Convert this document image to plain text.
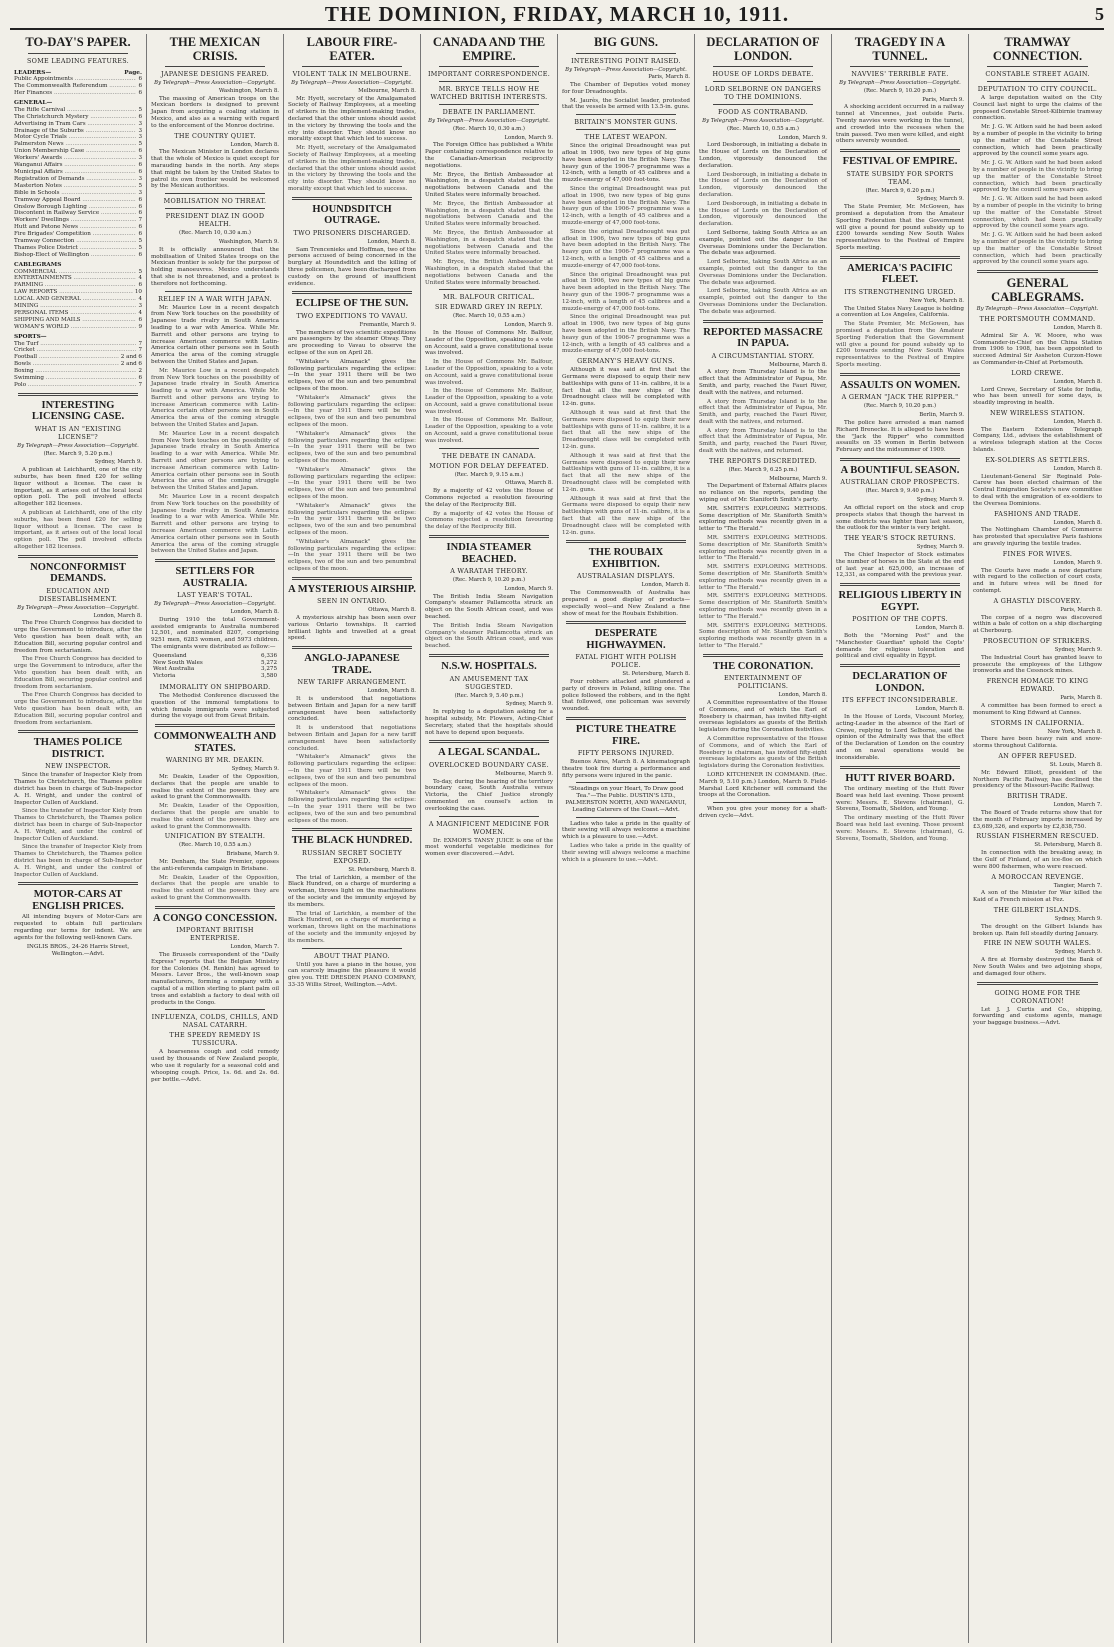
THE DOMINION, FRIDAY, MARCH 10, 1911.	5
TO-DAY'S PAPER.
SOME LEADING FEATURES.
LEADERS—	Page.
Public Appointments .....	6
The Commonwealth Referendum .....	6
Her Finances .....	6
GENERAL—
The Rifle Carnival .....	5
The Christchurch Mystery .....	6
Advertising in Tram Cars .....	3
Drainage of the Suburbs .....	3
Motor Cycle Trials .....	3
Palmerston News .....	5
Union Membership Case .....	6
Workers' Awards .....	3
Wanganui Affairs .....	6
Municipal Affairs .....	6
Registration of Demands .....	3
Masterton Notes .....	5
Bible in Schools .....	3
Tramway Appeal Board .....	6
Onslow Borough Lighting .....	6
Discontent in Railway Service .....	6
Workers' Dwellings .....	7
Hutt and Petone News .....	6
Fire Brigades' Competition .....	6
Tramway Connection .....	5
Thames Police District .....	5
Bishop-Elect of Wellington .....	6
CABLEGRAMS
COMMERCIAL .....	5
ENTERTAINMENTS .....	4
FARMING .....	6
LAW REPORTS .....	10
LOCAL AND GENERAL .....	4
MINING .....	3
PERSONAL ITEMS .....	4
SHIPPING AND MAILS .....	6
WOMAN'S WORLD .....	9
SPORTS—
The Turf .....	7
Cricket .....	7
Football .....	2 and 6
Bowls .....	2 and 6
Boxing .....	2
Swimming .....	6
Polo .....	7
INTERESTING LICENSING CASE.
WHAT IS AN "EXISTING LICENSE"?
By Telegraph—Press Association—Copyright.
(Rec. March 9, 5.20 p.m.)
Sydney, March 9.

A publican at Leichhardt, one of the city suburbs, has been fined £20 for selling liquor without a license. The case is important, as it arises out of the local local option poll. The poll involved effects altogether 182 licenses.

A publican at Leichhardt, one of the city suburbs, has been fined £20 for selling liquor without a license. The case is important, as it arises out of the local local option poll. The poll involved effects altogether 182 licenses.

NONCONFORMIST DEMANDS.
EDUCATION AND DISESTABLISHMENT.
By Telegraph—Press Association—Copyright.
London, March 8.

The Free Church Congress has decided to urge the Government to introduce, after the Veto question has been dealt with, an Education Bill, securing popular control and freedom from sectarianism.

The Free Church Congress has decided to urge the Government to introduce, after the Veto question has been dealt with, an Education Bill, securing popular control and freedom from sectarianism.

The Free Church Congress has decided to urge the Government to introduce, after the Veto question has been dealt with, an Education Bill, securing popular control and freedom from sectarianism.

THAMES POLICE DISTRICT.
NEW INSPECTOR.

Since the transfer of Inspector Kiely from Thames to Christchurch, the Thames police district has been in charge of Sub-Inspector A. H. Wright, and under the control of Inspector Cullen of Auckland.

Since the transfer of Inspector Kiely from Thames to Christchurch, the Thames police district has been in charge of Sub-Inspector A. H. Wright, and under the control of Inspector Cullen of Auckland.

Since the transfer of Inspector Kiely from Thames to Christchurch, the Thames police district has been in charge of Sub-Inspector A. H. Wright, and under the control of Inspector Cullen of Auckland.

MOTOR-CARS AT ENGLISH PRICES.

All intending buyers of Motor-Cars are requested to obtain full particulars regarding our terms for indent. We are agents for the following well-known Cars.

INGLIS BROS., 24-26 Harris Street, Wellington.—Advt.
THE MEXICAN CRISIS.
JAPANESE DESIGNS FEARED.
By Telegraph—Press Association—Copyright.
Washington, March 8.

The massing of American troops on the Mexican borders is designed to prevent Japan from acquiring a coaling station in Mexico, and also as a warning with regard to the enforcement of the Monroe doctrine.

THE COUNTRY QUIET.
London, March 8.

The Mexican Minister in London declares that the whole of Mexico is quiet except for marauding bands in the north. Any steps that might be taken by the United States to patrol its own frontier would be welcomed by the Mexican authorities.

MOBILISATION NO THREAT.
PRESIDENT DIAZ IN GOOD HEALTH.
(Rec. March 10, 0.30 a.m.)
Washington, March 9.

It is officially announced that the mobilisation of United States troops on the Mexican frontier is solely for the purpose of holding manoeuvres. Mexico understands that she is not threatened, and a protest is therefore not forthcoming.

RELIEF IN A WAR WITH JAPAN.

Mr. Maurice Low in a recent despatch from New York touches on the possibility of Japanese trade rivalry in South America leading to a war with America. While Mr. Barrett and other persons are trying to increase American commerce with Latin-America certain other persons see in South America the area of the coming struggle between the United States and Japan.

Mr. Maurice Low in a recent despatch from New York touches on the possibility of Japanese trade rivalry in South America leading to a war with America. While Mr. Barrett and other persons are trying to increase American commerce with Latin-America certain other persons see in South America the area of the coming struggle between the United States and Japan.

Mr. Maurice Low in a recent despatch from New York touches on the possibility of Japanese trade rivalry in South America leading to a war with America. While Mr. Barrett and other persons are trying to increase American commerce with Latin-America certain other persons see in South America the area of the coming struggle between the United States and Japan.

Mr. Maurice Low in a recent despatch from New York touches on the possibility of Japanese trade rivalry in South America leading to a war with America. While Mr. Barrett and other persons are trying to increase American commerce with Latin-America certain other persons see in South America the area of the coming struggle between the United States and Japan.

SETTLERS FOR AUSTRALIA.
LAST YEAR'S TOTAL.
By Telegraph—Press Association—Copyright.
London, March 8.

During 1910 the total Government-assisted emigrants to Australia numbered 12,501, and nominated 8207, comprising 9251 men, 6283 women, and 5973 children. The emigrants were distributed as follow:—

Queensland	6,336
New South Wales	5,272
West Australia	3,275
Victoria	3,580
IMMORALITY ON SHIPBOARD.

The Methodist Conference discussed the question of the immoral temptations to which female immigrants were subjected during the voyage out from Great Britain.

COMMONWEALTH AND STATES.
WARNING BY MR. DEAKIN.
Sydney, March 9.

Mr. Deakin, Leader of the Opposition, declares that the people are unable to realise the extent of the powers they are asked to grant the Commonwealth.

Mr. Deakin, Leader of the Opposition, declares that the people are unable to realise the extent of the powers they are asked to grant the Commonwealth.

UNIFICATION BY STEALTH.
(Rec. March 10, 0.55 a.m.)
Brisbane, March 9.

Mr. Denham, the State Premier, opposes the anti-referenda campaign in Brisbane.

Mr. Deakin, Leader of the Opposition, declares that the people are unable to realise the extent of the powers they are asked to grant the Commonwealth.

A CONGO CONCESSION.
IMPORTANT BRITISH ENTERPRISE.
London, March 7.

The Brussels correspondent of the "Daily Express" reports that the Belgian Ministry for the Colonies (M. Renkin) has agreed to Messrs. Lever Bros., the well-known soap manufacturers, forming a company with a capital of a million sterling to plant palm oil trees and establish a factory to deal with oil products in the Congo.

INFLUENZA, COLDS, CHILLS, AND NASAL CATARRH.
THE SPEEDY REMEDY IS TUSSICURA.

A hoarseness cough and cold remedy used by thousands of New Zealand people, who use it regularly for a seasonal cold and whooping cough. Price, 1s. 6d. and 2s. 6d. per bottle.—Advt.

LABOUR FIRE-EATER.
VIOLENT TALK IN MELBOURNE.
By Telegraph—Press Association—Copyright.
Melbourne, March 8.

Mr. Hyett, secretary of the Amalgamated Society of Railway Employees, at a meeting of strikers in the implement-making trades, declared that the other unions should assist in the victory by throwing the tools and the city into disorder. They should know no morality except that which led to success.

Mr. Hyett, secretary of the Amalgamated Society of Railway Employees, at a meeting of strikers in the implement-making trades, declared that the other unions should assist in the victory by throwing the tools and the city into disorder. They should know no morality except that which led to success.

HOUNDSDITCH OUTRAGE.
TWO PRISONERS DISCHARGED.
London, March 8.

Sam Trencenieks and Hoffman, two of the persons accused of being concerned in the burglary at Houndsditch and the killing of three policemen, have been discharged from custody on the ground of insufficient evidence.

ECLIPSE OF THE SUN.
TWO EXPEDITIONS TO VAVAU.
Fremantle, March 9.

The members of two scientific expeditions are passengers by the steamer Otway. They are proceeding to Vavau to observe the eclipse of the sun on April 28.

"Whitaker's Almanack" gives the following particulars regarding the eclipse:—In the year 1911 there will be two eclipses, two of the sun and two penumbral eclipses of the moon.

"Whitaker's Almanack" gives the following particulars regarding the eclipse:—In the year 1911 there will be two eclipses, two of the sun and two penumbral eclipses of the moon.

"Whitaker's Almanack" gives the following particulars regarding the eclipse:—In the year 1911 there will be two eclipses, two of the sun and two penumbral eclipses of the moon.

"Whitaker's Almanack" gives the following particulars regarding the eclipse:—In the year 1911 there will be two eclipses, two of the sun and two penumbral eclipses of the moon.

"Whitaker's Almanack" gives the following particulars regarding the eclipse:—In the year 1911 there will be two eclipses, two of the sun and two penumbral eclipses of the moon.

"Whitaker's Almanack" gives the following particulars regarding the eclipse:—In the year 1911 there will be two eclipses, two of the sun and two penumbral eclipses of the moon.

A MYSTERIOUS AIRSHIP.
SEEN IN ONTARIO.
Ottawa, March 8.

A mysterious airship has been seen over various Ontario townships. It carried brilliant lights and travelled at a great speed.

ANGLO-JAPANESE TRADE.
NEW TARIFF ARRANGEMENT.
London, March 8.

It is understood that negotiations between Britain and Japan for a new tariff arrangement have been satisfactorily concluded.

It is understood that negotiations between Britain and Japan for a new tariff arrangement have been satisfactorily concluded.

"Whitaker's Almanack" gives the following particulars regarding the eclipse:—In the year 1911 there will be two eclipses, two of the sun and two penumbral eclipses of the moon.

"Whitaker's Almanack" gives the following particulars regarding the eclipse:—In the year 1911 there will be two eclipses, two of the sun and two penumbral eclipses of the moon.

THE BLACK HUNDRED.
RUSSIAN SECRET SOCIETY EXPOSED.
St. Petersburg, March 8.

The trial of Larichkin, a member of the Black Hundred, on a charge of murdering a workman, throws light on the machinations of the society and the immunity enjoyed by its members.

The trial of Larichkin, a member of the Black Hundred, on a charge of murdering a workman, throws light on the machinations of the society and the immunity enjoyed by its members.

ABOUT THAT PIANO.

Until you have a piano in the house, you can scarcely imagine the pleasure it would give you. THE DRESDEN PIANO COMPANY, 33-35 Willis Street, Wellington.—Advt.

CANADA AND THE EMPIRE.
IMPORTANT CORRESPONDENCE.
MR. BRYCE TELLS HOW HE WATCHED BRITISH INTERESTS.
DEBATE IN PARLIAMENT.
By Telegraph—Press Association—Copyright.
(Rec. March 10, 0.30 a.m.)
London, March 9.

The Foreign Office has published a White Paper containing correspondence relative to the Canadian-American reciprocity negotiations.

Mr. Bryce, the British Ambassador at Washington, in a despatch stated that the negotiations between Canada and the United States were informally broached.

Mr. Bryce, the British Ambassador at Washington, in a despatch stated that the negotiations between Canada and the United States were informally broached.

Mr. Bryce, the British Ambassador at Washington, in a despatch stated that the negotiations between Canada and the United States were informally broached.

Mr. Bryce, the British Ambassador at Washington, in a despatch stated that the negotiations between Canada and the United States were informally broached.

MR. BALFOUR CRITICAL.
SIR EDWARD GREY IN REPLY.
(Rec. March 10, 0.55 a.m.)
London, March 9.

In the House of Commons Mr. Balfour, Leader of the Opposition, speaking to a vote on Account, said a grave constitutional issue was involved.

In the House of Commons Mr. Balfour, Leader of the Opposition, speaking to a vote on Account, said a grave constitutional issue was involved.

In the House of Commons Mr. Balfour, Leader of the Opposition, speaking to a vote on Account, said a grave constitutional issue was involved.

In the House of Commons Mr. Balfour, Leader of the Opposition, speaking to a vote on Account, said a grave constitutional issue was involved.

THE DEBATE IN CANADA.
MOTION FOR DELAY DEFEATED.
(Rec. March 9, 9.15 a.m.)
Ottawa, March 8.

By a majority of 42 votes the House of Commons rejected a resolution favouring the delay of the Reciprocity Bill.

By a majority of 42 votes the House of Commons rejected a resolution favouring the delay of the Reciprocity Bill.

INDIA STEAMER BEACHED.
A WARATAH THEORY.
(Rec. March 9, 10.20 p.m.)
London, March 9.

The British India Steam Navigation Company's steamer Pallamcotta struck an object on the South African coast, and was beached.

The British India Steam Navigation Company's steamer Pallamcotta struck an object on the South African coast, and was beached.

N.S.W. HOSPITALS.
AN AMUSEMENT TAX SUGGESTED.
(Rec. March 9, 5.40 p.m.)
Sydney, March 9.

In replying to a deputation asking for a hospital subsidy, Mr. Flowers, Acting-Chief Secretary, stated that the hospitals should not have to depend upon bequests.

A LEGAL SCANDAL.
OVERLOCKED BOUNDARY CASE.
Melbourne, March 9.

To-day, during the hearing of the territory boundary case, South Australia versus Victoria, the Chief Justice strongly commented on counsel's action in overlooking the case.

A MAGNIFICENT MEDICINE FOR WOMEN.

Dr. EXMOR'S TANSY JUICE is one of the most wonderful vegetable medicines for women ever discovered.—Advt.

BIG GUNS.
INTERESTING POINT RAISED.
By Telegraph—Press Association—Copyright.
Paris, March 8.

The Chamber of Deputies voted money for four Dreadnoughts.

M. Jaurès, the Socialist leader, protested that the vessels be armed with 13.5-in. guns.

BRITAIN'S MONSTER GUNS.
THE LATEST WEAPON.

Since the original Dreadnought was put afloat in 1906, two new types of big guns have been adopted in the British Navy. The heavy gun of the 1906-7 programme was a 12-inch, with a length of 45 calibres and a muzzle-energy of 47,000 foot-tons.

Since the original Dreadnought was put afloat in 1906, two new types of big guns have been adopted in the British Navy. The heavy gun of the 1906-7 programme was a 12-inch, with a length of 45 calibres and a muzzle-energy of 47,000 foot-tons.

Since the original Dreadnought was put afloat in 1906, two new types of big guns have been adopted in the British Navy. The heavy gun of the 1906-7 programme was a 12-inch, with a length of 45 calibres and a muzzle-energy of 47,000 foot-tons.

Since the original Dreadnought was put afloat in 1906, two new types of big guns have been adopted in the British Navy. The heavy gun of the 1906-7 programme was a 12-inch, with a length of 45 calibres and a muzzle-energy of 47,000 foot-tons.

Since the original Dreadnought was put afloat in 1906, two new types of big guns have been adopted in the British Navy. The heavy gun of the 1906-7 programme was a 12-inch, with a length of 45 calibres and a muzzle-energy of 47,000 foot-tons.

GERMANY'S HEAVY GUNS.

Although it was said at first that the Germans were disposed to equip their new battleships with guns of 11-in. calibre, it is a fact that all the new ships of the Dreadnought class will be completed with 12-in. guns.

Although it was said at first that the Germans were disposed to equip their new battleships with guns of 11-in. calibre, it is a fact that all the new ships of the Dreadnought class will be completed with 12-in. guns.

Although it was said at first that the Germans were disposed to equip their new battleships with guns of 11-in. calibre, it is a fact that all the new ships of the Dreadnought class will be completed with 12-in. guns.

Although it was said at first that the Germans were disposed to equip their new battleships with guns of 11-in. calibre, it is a fact that all the new ships of the Dreadnought class will be completed with 12-in. guns.

THE ROUBAIX EXHIBITION.
AUSTRALASIAN DISPLAYS.
London, March 8.

The Commonwealth of Australia has prepared a good display of products—especially wool—and New Zealand a fine show of meat for the Roubaix Exhibition.

DESPERATE HIGHWAYMEN.
FATAL FIGHT WITH POLISH POLICE.
St. Petersburg, March 8.

Four robbers attacked and plundered a party of drovers in Poland, killing one. The police followed the robbers, and in the fight that followed, one policeman was severely wounded.

PICTURE THEATRE FIRE.
FIFTY PERSONS INJURED.

Buenos Aires, March 8. A kinematograph theatre took fire during a performance and fifty persons were injured in the panic.

"Steadings on your Heart, To Draw good Tea."—The Public. DUSTIN'S LTD., PALMERSTON NORTH, AND WANGANUI, Leading Caterers of the Coast.—Advt.

Ladies who take a pride in the quality of their sewing will always welcome a machine which is a pleasure to use.—Advt.

Ladies who take a pride in the quality of their sewing will always welcome a machine which is a pleasure to use.—Advt.

DECLARATION OF LONDON.
HOUSE OF LORDS DEBATE.
LORD SELBORNE ON DANGERS TO THE DOMINIONS.
FOOD AS CONTRABAND.
By Telegraph—Press Association—Copyright.
(Rec. March 10, 0.55 a.m.)
London, March 9.

Lord Desborough, in initiating a debate in the House of Lords on the Declaration of London, vigorously denounced the declaration.

Lord Desborough, in initiating a debate in the House of Lords on the Declaration of London, vigorously denounced the declaration.

Lord Desborough, in initiating a debate in the House of Lords on the Declaration of London, vigorously denounced the declaration.

Lord Selborne, taking South Africa as an example, pointed out the danger to the Overseas Dominions under the Declaration. The debate was adjourned.

Lord Selborne, taking South Africa as an example, pointed out the danger to the Overseas Dominions under the Declaration. The debate was adjourned.

Lord Selborne, taking South Africa as an example, pointed out the danger to the Overseas Dominions under the Declaration. The debate was adjourned.

REPORTED MASSACRE IN PAPUA.
A CIRCUMSTANTIAL STORY.
Melbourne, March 8.

A story from Thursday Island is to the effect that the Administrator of Papua, Mr. Smith, and party, reached the Fauri River, dealt with the natives, and returned.

A story from Thursday Island is to the effect that the Administrator of Papua, Mr. Smith, and party, reached the Fauri River, dealt with the natives, and returned.

A story from Thursday Island is to the effect that the Administrator of Papua, Mr. Smith, and party, reached the Fauri River, dealt with the natives, and returned.

THE REPORTS DISCREDITED.
(Rec. March 9, 6.25 p.m.)
Melbourne, March 9.

The Department of External Affairs places no reliance on the reports, pending the wiping out of Mr. Staniforth Smith's party.

MR. SMITH'S EXPLORING METHODS. Some description of Mr. Staniforth Smith's exploring methods was recently given in a letter to "The Herald."

MR. SMITH'S EXPLORING METHODS. Some description of Mr. Staniforth Smith's exploring methods was recently given in a letter to "The Herald."

MR. SMITH'S EXPLORING METHODS. Some description of Mr. Staniforth Smith's exploring methods was recently given in a letter to "The Herald."

MR. SMITH'S EXPLORING METHODS. Some description of Mr. Staniforth Smith's exploring methods was recently given in a letter to "The Herald."

MR. SMITH'S EXPLORING METHODS. Some description of Mr. Staniforth Smith's exploring methods was recently given in a letter to "The Herald."

THE CORONATION.
ENTERTAINMENT OF POLITICIANS.
London, March 8.

A Committee representative of the House of Commons, and of which the Earl of Rosebery is chairman, has invited fifty-eight overseas legislators as guests of the British legislators during the Coronation festivities.

A Committee representative of the House of Commons, and of which the Earl of Rosebery is chairman, has invited fifty-eight overseas legislators as guests of the British legislators during the Coronation festivities.

LORD KITCHENER IN COMMAND. (Rec. March 9, 5.10 p.m.) London, March 9. Field-Marshal Lord Kitchener will command the troops at the Coronation.

When you give your money for a shaft-driven cycle—Advt.

TRAGEDY IN A TUNNEL.
NAVVIES' TERRIBLE FATE.
By Telegraph—Press Association—Copyright.
(Rec. March 9, 10.20 p.m.)
Paris, March 9.

A shocking accident occurred in a railway tunnel at Vincennes, just outside Paris. Twenty navvies were working in the tunnel, and crowded into the recesses when the train passed. Two men were killed, and eight others severely wounded.

FESTIVAL OF EMPIRE.
STATE SUBSIDY FOR SPORTS TEAM.
(Rec. March 9, 6.20 p.m.)
Sydney, March 9.

The State Premier, Mr. McGowen, has promised a deputation from the Amateur Sporting Federation that the Government will give a pound for pound subsidy up to £200 towards sending New South Wales representatives to the Festival of Empire Sports meeting.

AMERICA'S PACIFIC FLEET.
ITS STRENGTHENING URGED.
New York, March 8.

The United States Navy League is holding a convention at Los Angeles, California.

The State Premier, Mr. McGowen, has promised a deputation from the Amateur Sporting Federation that the Government will give a pound for pound subsidy up to £200 towards sending New South Wales representatives to the Festival of Empire Sports meeting.

ASSAULTS ON WOMEN.
A GERMAN "JACK THE RIPPER."
(Rec. March 9, 10.20 p.m.)
Berlin, March 9.

The police have arrested a man named Richard Brenecke. It is alleged to have been the "Jack the Ripper" who committed assaults on 35 women in Berlin between February and the midsummer of 1909.

A BOUNTIFUL SEASON.
AUSTRALIAN CROP PROSPECTS.
(Rec. March 9, 9.40 p.m.)
Sydney, March 9.

An official report on the stock and crop prospects states that though the harvest in some districts was lighter than last season, the outlook for the winter is very bright.

THE YEAR'S STOCK RETURNS.
Sydney, March 9.

The Chief Inspector of Stock estimates the number of horses in the State at the end of last year at 625,000, an increase of 12,331, as compared with the previous year.

RELIGIOUS LIBERTY IN EGYPT.
POSITION OF THE COPTS.
London, March 8.

Both the "Morning Post" and the "Manchester Guardian" uphold the Copts' demands for religious toleration and political and civil equality in Egypt.

DECLARATION OF LONDON.
ITS EFFECT INCONSIDERABLE.
London, March 8.

In the House of Lords, Viscount Morley, acting-Leader in the absence of the Earl of Crewe, replying to Lord Selborne, said the opinion of the Admiralty was that the effect of the Declaration of London on the country and on naval operations would be inconsiderable.

HUTT RIVER BOARD.

The ordinary meeting of the Hutt River Board was held last evening. Those present were: Messrs. E. Stevens (chairman), G. Stevens, Toomath, Sheldon, and Young.

The ordinary meeting of the Hutt River Board was held last evening. Those present were: Messrs. E. Stevens (chairman), G. Stevens, Toomath, Sheldon, and Young.

TRAMWAY CONNECTION.
CONSTABLE STREET AGAIN.
DEPUTATION TO CITY COUNCIL.

A large deputation waited on the City Council last night to urge the claims of the proposed Constable Street-Kilbirnie tramway connection.

Mr. J. G. W. Aitken said he had been asked by a number of people in the vicinity to bring up the matter of the Constable Street connection, which had been practically approved by the council some years ago.

Mr. J. G. W. Aitken said he had been asked by a number of people in the vicinity to bring up the matter of the Constable Street connection, which had been practically approved by the council some years ago.

Mr. J. G. W. Aitken said he had been asked by a number of people in the vicinity to bring up the matter of the Constable Street connection, which had been practically approved by the council some years ago.

Mr. J. G. W. Aitken said he had been asked by a number of people in the vicinity to bring up the matter of the Constable Street connection, which had been practically approved by the council some years ago.

GENERAL CABLEGRAMS.
By Telegraph—Press Association—Copyright.
THE PORTSMOUTH COMMAND.
London, March 8.

Admiral Sir A. W. Moore, who was Commander-in-Chief on the China Station from 1906 to 1908, has been appointed to succeed Admiral Sir Assheton Curzon-Howe as Commander-in-Chief at Portsmouth.

LORD CREWE.
London, March 8.

Lord Crewe, Secretary of State for India, who has been unwell for some days, is steadily improving in health.

NEW WIRELESS STATION.
London, March 8.

The Eastern Extension Telegraph Company, Ltd., advises the establishment of a wireless telegraph station at the Cocos Islands.

EX-SOLDIERS AS SETTLERS.
London, March 8.

Lieutenant-General Sir Reginald Pole-Carew has been elected chairman of the Central Emigration Society's new committee to deal with the emigration of ex-soldiers to the Oversea Dominions.

FASHIONS AND TRADE.
London, March 8.

The Nottingham Chamber of Commerce has protested that speculative Paris fashions are gravely injuring the textile trades.

FINES FOR WIVES.
London, March 9.

The Courts have made a new departure with regard to the collection of court costs, and in future wives will be fined for contempt.

A GHASTLY DISCOVERY.
Paris, March 8.

The corpse of a negro was discovered within a bale of cotton on a ship discharging at Cherbourg.

PROSECUTION OF STRIKERS.
Sydney, March 9.

The Industrial Court has granted leave to prosecute the employees of the Lithgow ironworks and the Cessnock mines.

FRENCH HOMAGE TO KING EDWARD.
Paris, March 8.

A committee has been formed to erect a monument to King Edward at Cannes.

STORMS IN CALIFORNIA.
New York, March 8.

There have been heavy rain and snow-storms throughout California.

AN OFFER REFUSED.
St. Louis, March 8.

Mr. Edward Elliott, president of the Northern Pacific Railway, has declined the presidency of the Missouri-Pacific Railway.

BRITISH TRADE.
London, March 7.

The Board of Trade returns show that for the month of February imports increased by £3,689,326, and exports by £2,838,750.

RUSSIAN FISHERMEN RESCUED.
St. Petersburg, March 8.

In connection with the breaking away, in the Gulf of Finland, of an ice-floe on which were 800 fishermen, who were rescued.

A MOROCCAN REVENGE.
Tangier, March 7.

A son of the Minister for War killed the Kaid of a French mission at Fez.

THE GILBERT ISLANDS.
Sydney, March 9.

The drought on the Gilbert Islands has broken up. Rain fell steadily during January.

FIRE IN NEW SOUTH WALES.
Sydney, March 9.

A fire at Hornsby destroyed the Bank of New South Wales and two adjoining shops, and damaged four others.

GOING HOME FOR THE CORONATION!

Let J. J. Curtis and Co., shipping, forwarding and customs agents, manage your baggage business.—Advt.
